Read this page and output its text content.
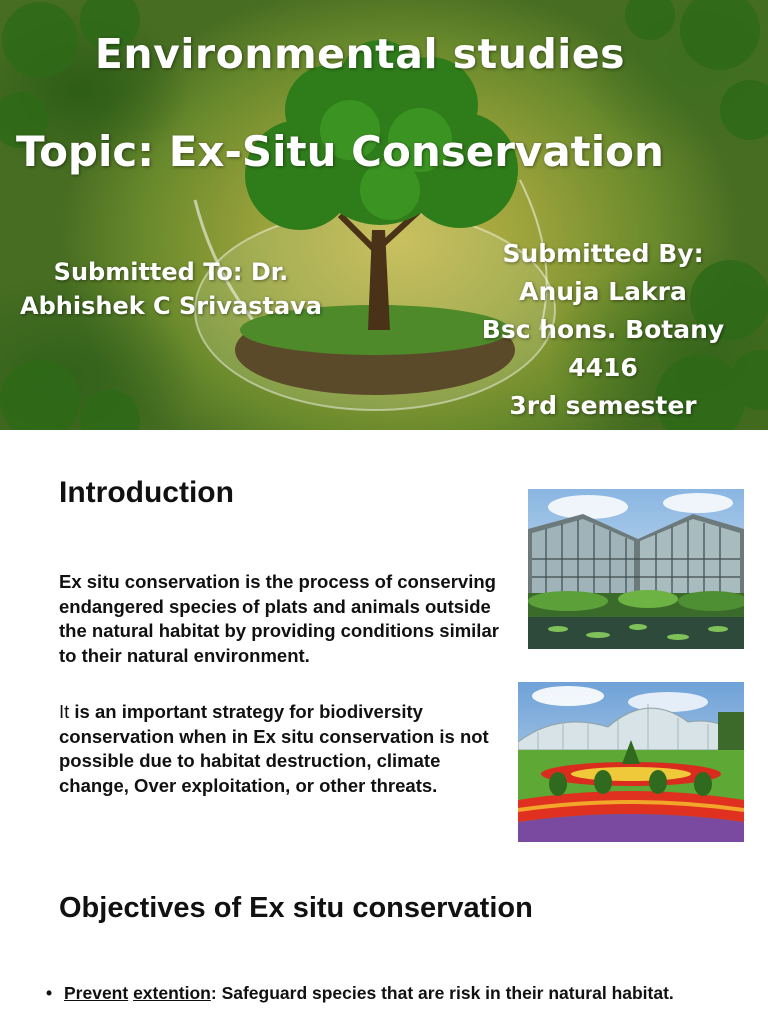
Environmental studies
Topic: Ex-Situ Conservation
Submitted To: Dr.
Abhishek C Srivastava
Submitted By:
Anuja Lakra
Bsc hons. Botany
4416
3rd semester
Introduction
Ex situ conservation is the process of conserving endangered species of plats and animals outside the natural habitat by providing conditions similar to their natural environment.
It is an important strategy for biodiversity conservation when in Ex situ conservation is not possible due to habitat destruction, climate change, Over exploitation, or other threats.
Objectives of Ex situ conservation
• Prevent extention: Safeguard species that are risk in their natural habitat.
